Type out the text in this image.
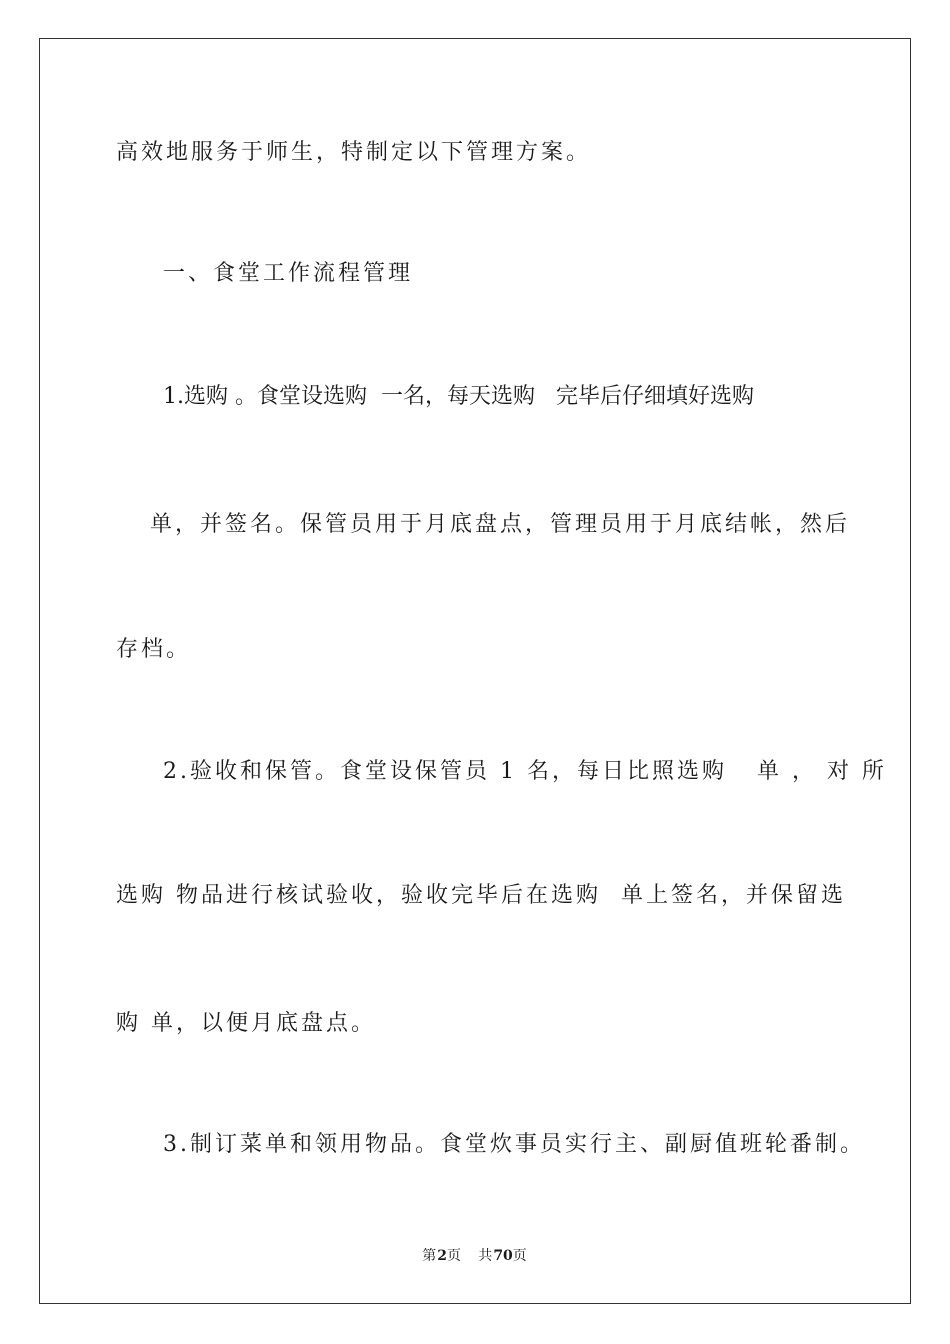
高效地服务于师生，特制定以下管理方案。
一、食堂工作流程管理
1.选购 。食堂设选购  一名，每天选购   完毕后仔细填好选购
单，并签名。保管员用于月底盘点，管理员用于月底结帐，然后
存档。
2.验收和保管。食堂设保管员 1 名，每日比照选购   单 ， 对 所
选购 物品进行核试验收，验收完毕后在选购  单上签名，并保留选
购 单，以便月底盘点。
3.制订菜单和领用物品。食堂炊事员实行主、副厨值班轮番制。
第2页   共70页
